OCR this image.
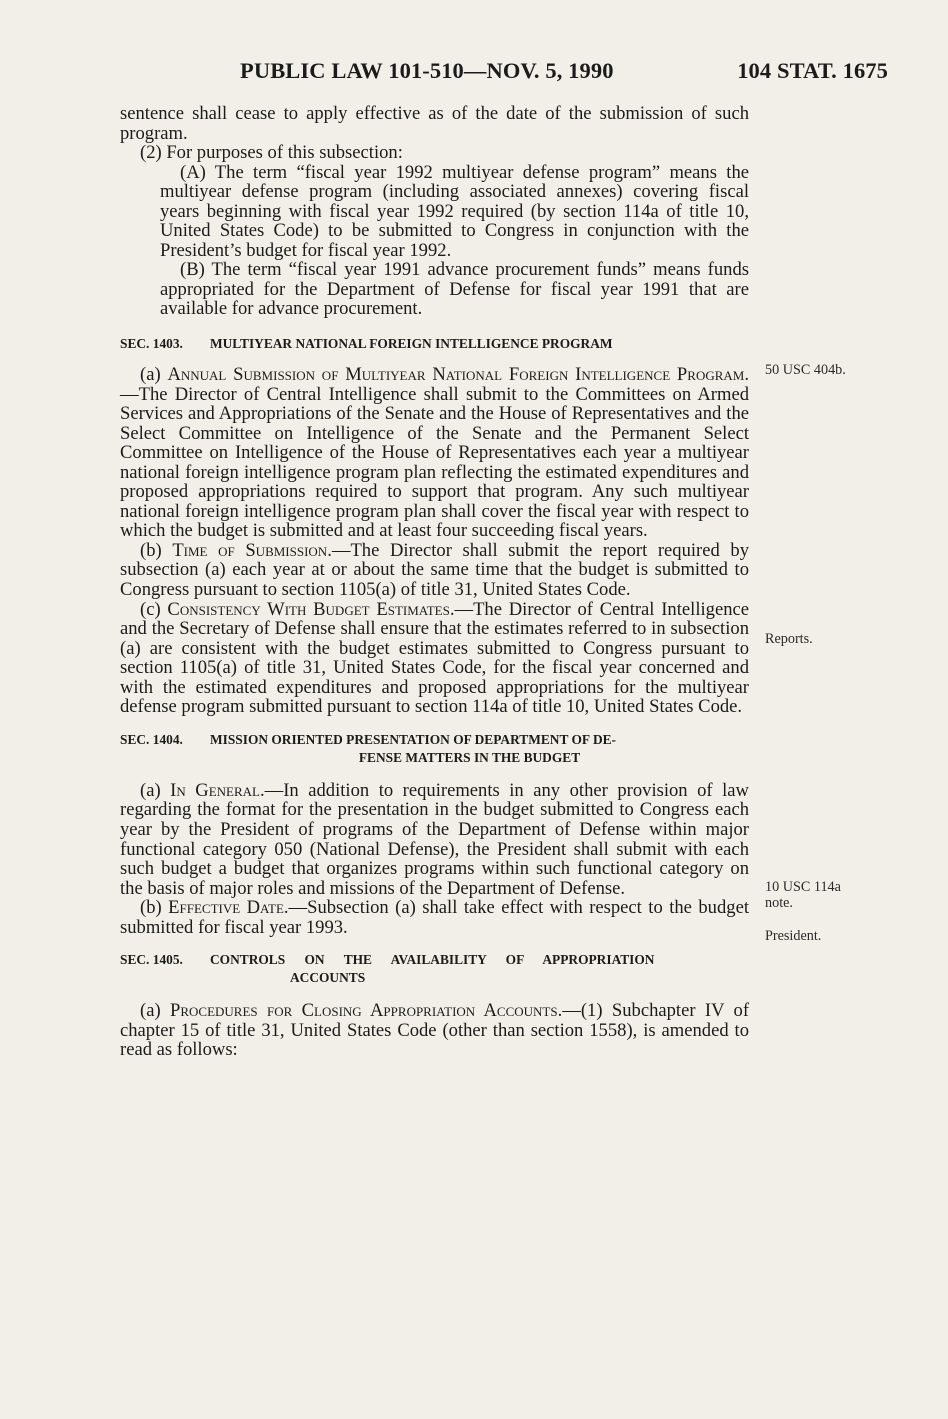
PUBLIC LAW 101-510—NOV. 5, 1990	104 STAT. 1675

sentence shall cease to apply effective as of the date of the submission of such program.

(2) For purposes of this subsection:

(A) The term “fiscal year 1992 multiyear defense program” means the multiyear defense program (including associated annexes) covering fiscal years beginning with fiscal year 1992 required (by section 114a of title 10, United States Code) to be submitted to Congress in conjunction with the President’s budget for fiscal year 1992.

(B) The term “fiscal year 1991 advance procurement funds” means funds appropriated for the Department of Defense for fiscal year 1991 that are available for advance procurement.

SEC. 1403.	MULTIYEAR NATIONAL FOREIGN INTELLIGENCE PROGRAM

(a) Annual Submission of Multiyear National Foreign Intelligence Program.—The Director of Central Intelligence shall submit to the Committees on Armed Services and Appropriations of the Senate and the House of Representatives and the Select Committee on Intelligence of the Senate and the Permanent Select Committee on Intelligence of the House of Representatives each year a multiyear national foreign intelligence program plan reflecting the estimated expenditures and proposed appropriations required to support that program. Any such multiyear national foreign intelligence program plan shall cover the fiscal year with respect to which the budget is submitted and at least four succeeding fiscal years.

(b) Time of Submission.—The Director shall submit the report required by subsection (a) each year at or about the same time that the budget is submitted to Congress pursuant to section 1105(a) of title 31, United States Code.

(c) Consistency With Budget Estimates.—The Director of Central Intelligence and the Secretary of Defense shall ensure that the estimates referred to in subsection (a) are consistent with the budget estimates submitted to Congress pursuant to section 1105(a) of title 31, United States Code, for the fiscal year concerned and with the estimated expenditures and proposed appropriations for the multiyear defense program submitted pursuant to section 114a of title 10, United States Code.

SEC. 1404.	MISSION ORIENTED PRESENTATION OF DEPARTMENT OF DE-
FENSE MATTERS IN THE BUDGET

(a) In General.—In addition to requirements in any other provision of law regarding the format for the presentation in the budget submitted to Congress each year by the President of programs of the Department of Defense within major functional category 050 (National Defense), the President shall submit with each such budget a budget that organizes programs within such functional category on the basis of major roles and missions of the Department of Defense.

(b) Effective Date.—Subsection (a) shall take effect with respect to the budget submitted for fiscal year 1993.

SEC. 1405.	CONTROLS ON THE AVAILABILITY OF APPROPRIATION
ACCOUNTS

(a) Procedures for Closing Appropriation Accounts.—(1) Subchapter IV of chapter 15 of title 31, United States Code (other than section 1558), is amended to read as follows:

50 USC 404b.
Reports.
10 USC 114a
note.
President.
